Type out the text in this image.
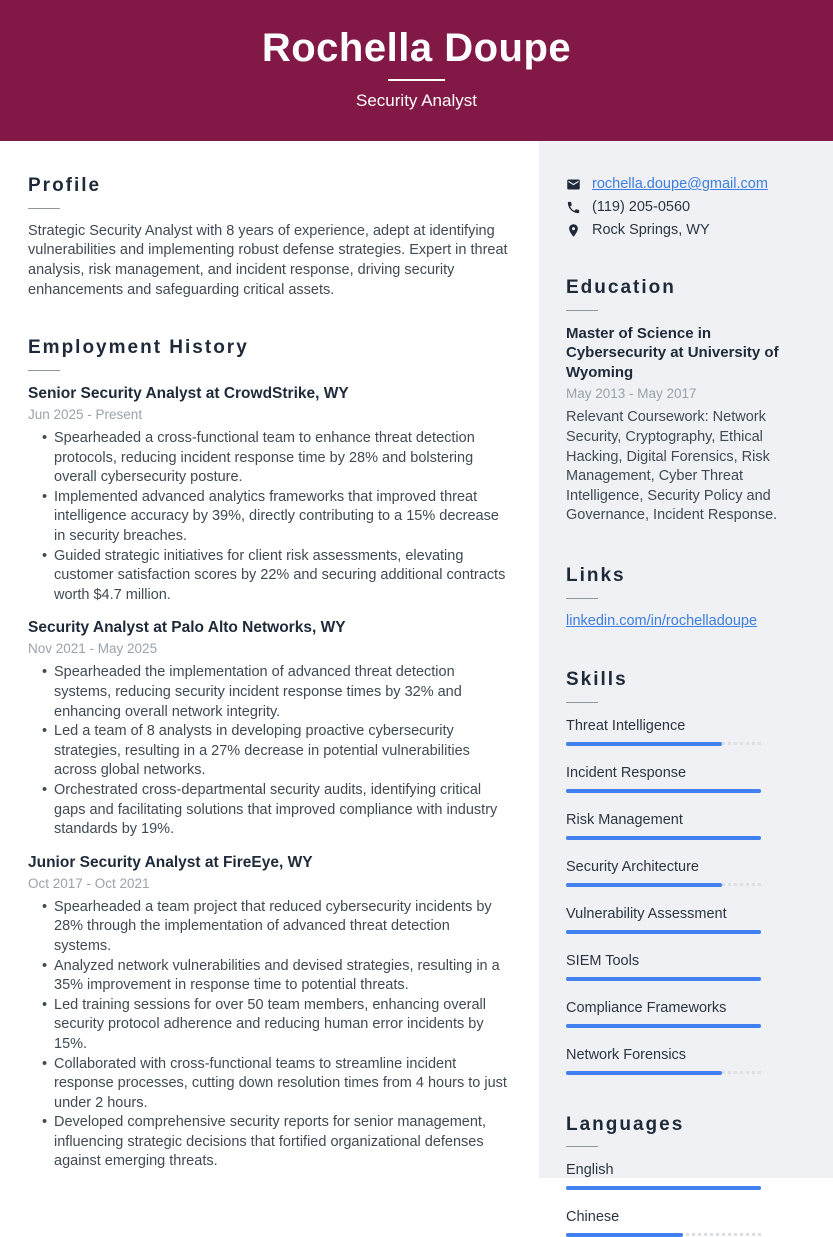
Rochella Doupe
Security Analyst
Profile

Strategic Security Analyst with 8 years of experience, adept at identifying vulnerabilities and implementing robust defense strategies. Expert in threat analysis, risk management, and incident response, driving security enhancements and safeguarding critical assets.

Employment History
Senior Security Analyst at CrowdStrike, WY
Jun 2025 - Present
• Spearheaded a cross-functional team to enhance threat detection protocols, reducing incident response time by 28% and bolstering overall cybersecurity posture.
• Implemented advanced analytics frameworks that improved threat intelligence accuracy by 39%, directly contributing to a 15% decrease in security breaches.
• Guided strategic initiatives for client risk assessments, elevating customer satisfaction scores by 22% and securing additional contracts worth $4.7 million.
Security Analyst at Palo Alto Networks, WY
Nov 2021 - May 2025
• Spearheaded the implementation of advanced threat detection systems, reducing security incident response times by 32% and enhancing overall network integrity.
• Led a team of 8 analysts in developing proactive cybersecurity strategies, resulting in a 27% decrease in potential vulnerabilities across global networks.
• Orchestrated cross-departmental security audits, identifying critical gaps and facilitating solutions that improved compliance with industry standards by 19%.
Junior Security Analyst at FireEye, WY
Oct 2017 - Oct 2021
• Spearheaded a team project that reduced cybersecurity incidents by 28% through the implementation of advanced threat detection systems.
• Analyzed network vulnerabilities and devised strategies, resulting in a 35% improvement in response time to potential threats.
• Led training sessions for over 50 team members, enhancing overall security protocol adherence and reducing human error incidents by 15%.
• Collaborated with cross-functional teams to streamline incident response processes, cutting down resolution times from 4 hours to just under 2 hours.
• Developed comprehensive security reports for senior management, influencing strategic decisions that fortified organizational defenses against emerging threats.
rochella.doupe@gmail.com
(119) 205-0560
Rock Springs, WY
Education
Master of Science in Cybersecurity at University of Wyoming
May 2013 - May 2017
Relevant Coursework: Network Security, Cryptography, Ethical Hacking, Digital Forensics, Risk Management, Cyber Threat Intelligence, Security Policy and Governance, Incident Response.
Links
linkedin.com/in/rochelladoupe
Skills
Threat Intelligence
Incident Response
Risk Management
Security Architecture
Vulnerability Assessment
SIEM Tools
Compliance Frameworks
Network Forensics
Languages
English
Chinese
